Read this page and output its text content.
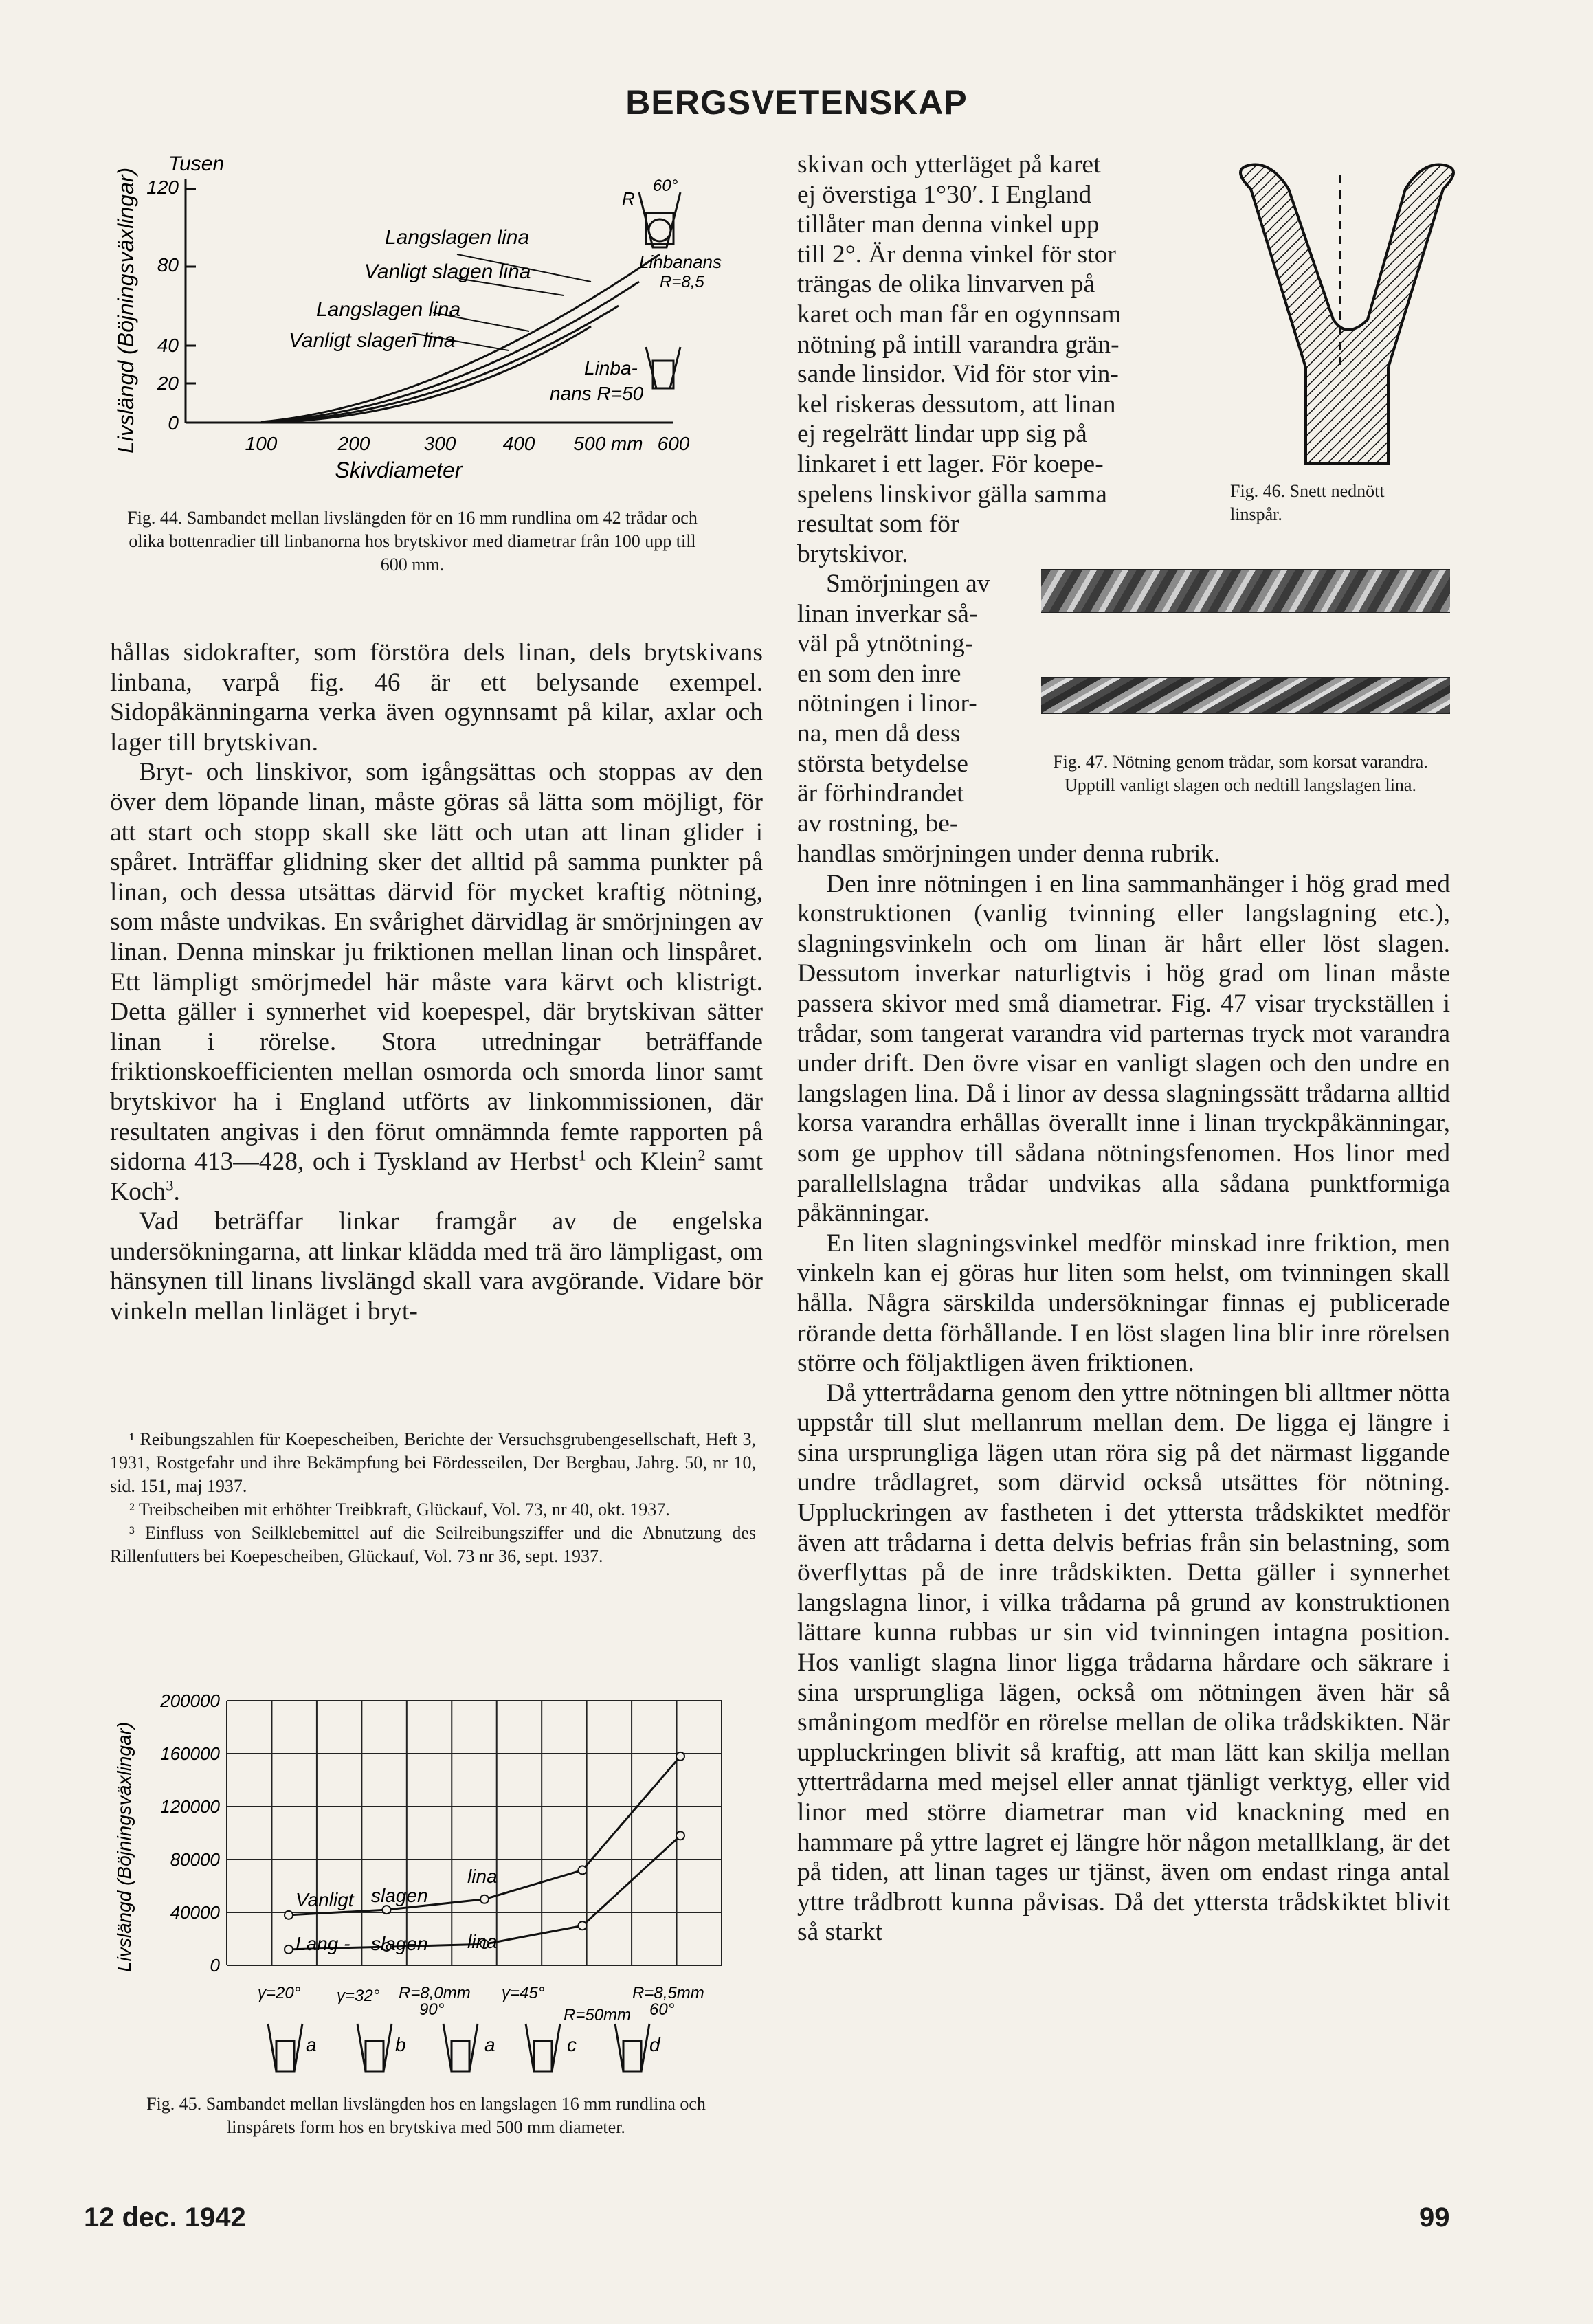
BERGSVETENSKAP
Tusen
Livslängd (Böjningsväxlingar) 120
80
40
20
0
100	200	300 400 500 mm 600
Skivdiameter
Langslagen lina
Vanligt slagen lina
Langslagen lina
Vanligt slagen lina
R
60°
Linbanans
R=8,5
Linba-
nans R=50
Fig. 44. Sambandet mellan livslängden för en 16 mm rundlina om 42 trådar och olika bottenradier till linbanorna hos brytskivor med diametrar från 100 upp till 600 mm.

hållas sidokrafter, som förstöra dels linan, dels brytskivans linbana, varpå fig. 46 är ett belysande exempel. Sidopåkänningarna verka även ogynnsamt på kilar, axlar och lager till brytskivan.

Bryt- och linskivor, som igångsättas och stoppas av den över dem löpande linan, måste göras så lätta som möjligt, för att start och stopp skall ske lätt och utan att linan glider i spåret. Inträffar glidning sker det alltid på samma punkter på linan, och dessa utsättas därvid för mycket kraftig nötning, som måste undvikas. En svårighet därvidlag är smörjningen av linan. Denna minskar ju friktionen mellan linan och linspåret. Ett lämpligt smörjmedel här måste vara kärvt och klistrigt. Detta gäller i synnerhet vid koepespel, där brytskivan sätter linan i rörelse. Stora utredningar beträffande friktionskoefficienten mellan osmorda och smorda linor samt brytskivor ha i England utförts av linkommissionen, där resultaten angivas i den förut omnämnda femte rapporten på sidorna 413—428, och i Tyskland av Herbst$^1$ och Klein$^2$ samt Koch$^3$.

Vad beträffar linkar framgår av de engelska undersökningarna, att linkar klädda med trä äro lämpligast, om hänsynen till linans livslängd skall vara avgörande. Vidare bör vinkeln mellan linläget i bryt-

¹ Reibungszahlen für Koepescheiben, Berichte der Versuchsgrubengesellschaft, Heft 3, 1931, Rostgefahr und ihre Bekämpfung bei Fördesseilen, Der Bergbau, Jahrg. 50, nr 10, sid. 151, maj 1937.

² Treibscheiben mit erhöhter Treibkraft, Glückauf, Vol. 73, nr 40, okt. 1937.

³ Einfluss von Seilklebemittel auf die Seilreibungsziffer und die Abnutzung des Rillenfutters bei Koepescheiben, Glückauf, Vol. 73 nr 36, sept. 1937.

Livslängd (Böjningsväxlingar)
200000
160000
120000
80000
40000
0
Vanligt slagen
lina
Lang - slagen lina
γ=20° γ=32° R=8,0mm γ=45°	R=8,5mm
90°	R=50mm 60°
a	b	a	c	d
Fig. 45. Sambandet mellan livslängden hos en langslagen 16 mm rundlina och linspårets form hos en brytskiva med 500 mm diameter.
Fig. 46. Snett nednött linspår.
Fig. 47. Nötning genom trådar, som korsat varandra. Upptill vanligt slagen och nedtill langslagen lina.
skivan och ytterläget på karet
ej överstiga 1°30′. I England
tillåter man denna vinkel upp
till 2°. Är denna vinkel för stor
trängas de olika linvarven på
karet och man får en ogynnsam
nötning på intill varandra grän-
sande linsidor. Vid för stor vin-
kel riskeras dessutom, att linan
ej regelrätt lindar upp sig på
linkaret i ett lager. För koepe-
spelens linskivor gälla samma
resultat som för
brytskivor.
Smörjningen av
linan inverkar så-
väl på ytnötning-
en som den inre
nötningen i linor-
na, men då dess
största betydelse
är förhindrandet
av rostning, be-

handlas smörjningen under denna rubrik.

Den inre nötningen i en lina sammanhänger i hög grad med konstruktionen (vanlig tvinning eller langslagning etc.), slagningsvinkeln och om linan är hårt eller löst slagen. Dessutom inverkar naturligtvis i hög grad om linan måste passera skivor med små diametrar. Fig. 47 visar tryckställen i trådar, som tangerat varandra vid parternas tryck mot varandra under drift. Den övre visar en vanligt slagen och den undre en langslagen lina. Då i linor av dessa slagningssätt trådarna alltid korsa varandra erhållas överallt inne i linan tryckpåkänningar, som ge upphov till sådana nötningsfenomen. Hos linor med parallellslagna trådar undvikas alla sådana punktformiga påkänningar.

En liten slagningsvinkel medför minskad inre friktion, men vinkeln kan ej göras hur liten som helst, om tvinningen skall hålla. Några särskilda undersökningar finnas ej publicerade rörande detta förhållande. I en löst slagen lina blir inre rörelsen större och följaktligen även friktionen.

Då yttertrådarna genom den yttre nötningen bli alltmer nötta uppstår till slut mellanrum mellan dem. De ligga ej längre i sina ursprungliga lägen utan röra sig på det närmast liggande undre trådlagret, som därvid också utsättes för nötning. Uppluckringen av fastheten i det yttersta trådskiktet medför även att trådarna i detta delvis befrias från sin belastning, som överflyttas på de inre trådskikten. Detta gäller i synnerhet langslagna linor, i vilka trådarna på grund av konstruktionen lättare kunna rubbas ur sin vid tvinningen intagna position. Hos vanligt slagna linor ligga trådarna hårdare och säkrare i sina ursprungliga lägen, också om nötningen även här så småningom medför en rörelse mellan de olika trådskikten. När uppluckringen blivit så kraftig, att man lätt kan skilja mellan yttertrådarna med mejsel eller annat tjänligt verktyg, eller vid linor med större diametrar man vid knackning med en hammare på yttre lagret ej längre hör någon metallklang, är det på tiden, att linan tages ur tjänst, även om endast ringa antal yttre trådbrott kunna påvisas. Då det yttersta trådskiktet blivit så starkt

12 dec. 1942	99
